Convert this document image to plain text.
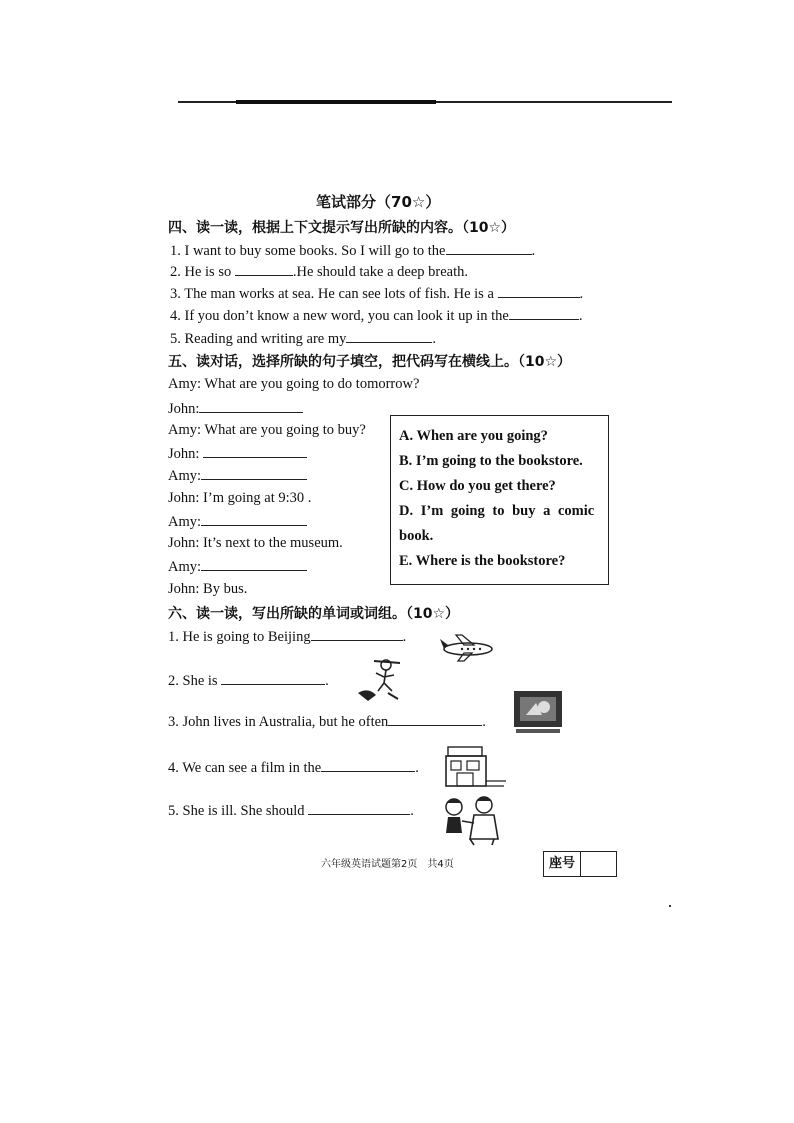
笔试部分（70☆）
四、读一读，根据上下文提示写出所缺的内容。（10☆）
1. I want to buy some books. So I will go to the	.
2. He is so	.He should take a deep breath.
3. The man works at sea. He can see lots of fish. He is a	.
4. If you don’t know a new word, you can look it up in the	.
5. Reading and writing are my	.
五、读对话，选择所缺的句子填空，把代码写在横线上。（10☆）
Amy: What are you going to do tomorrow?
John:
Amy: What are you going to buy?
John:
Amy:
John: I’m going at 9:30 .
Amy:
John: It’s next to the museum.
Amy:
John: By bus.
A. When are you going?
B. I’m going to the bookstore.
C. How do you get there?
D. I’m going to buy a comic
book.
E. Where is the bookstore?
六、读一读，写出所缺的单词或词组。（10☆）
1. He is going to Beijing	.
2. She is	.
3. John lives in Australia, but he often	.
4. We can see a film in the	.
5. She is ill. She should	.
六年级英语试题第2页　共4页	座号
